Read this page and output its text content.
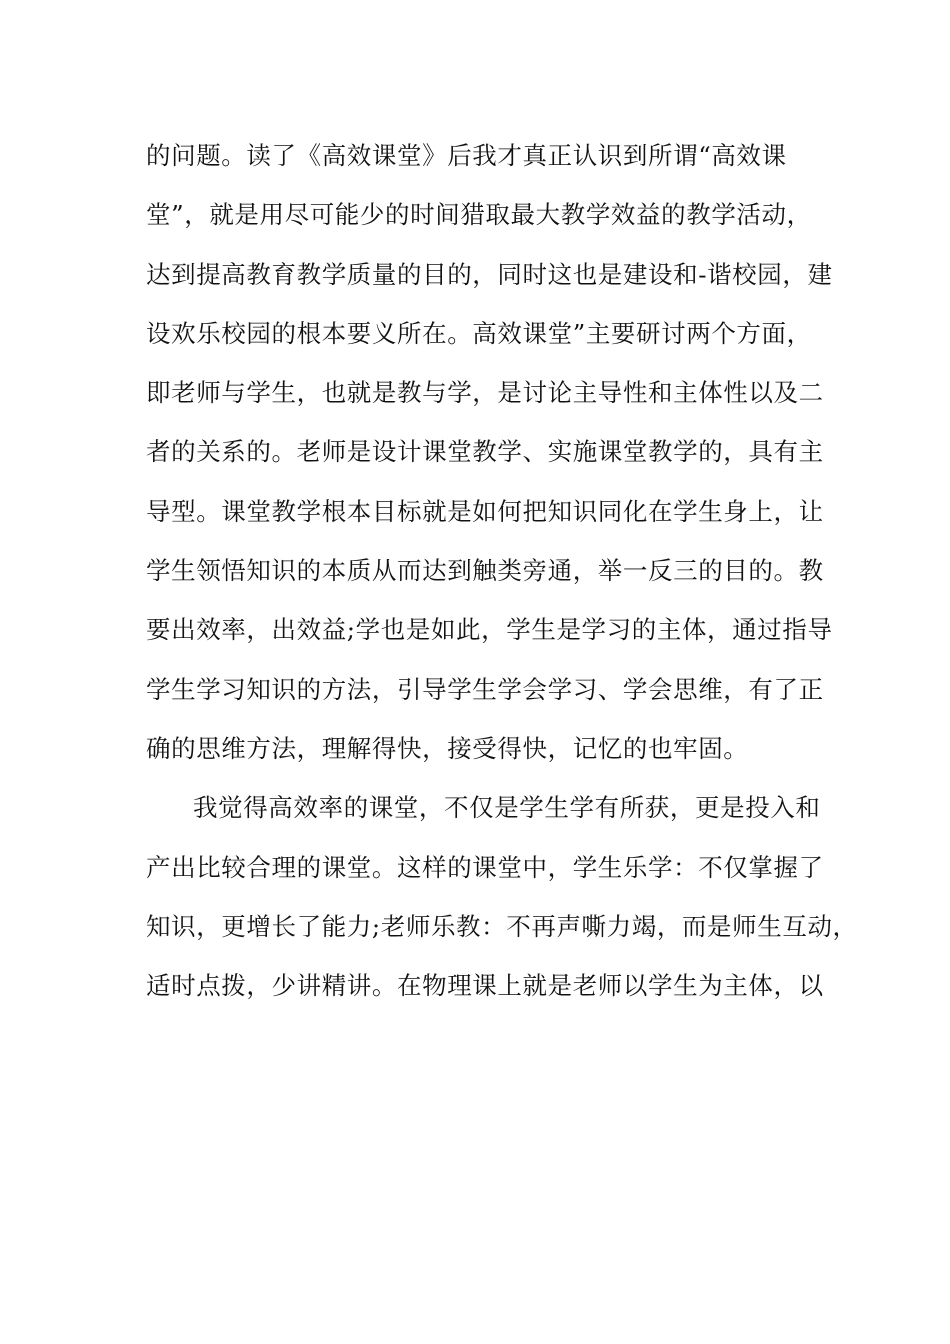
的问题。读了《高效课堂》后我才真正认识到所谓“高效课
堂”，就是用尽可能少的时间猎取最大教学效益的教学活动，
达到提高教育教学质量的目的，同时这也是建设和-谐校园，建
设欢乐校园的根本要义所在。高效课堂”主要研讨两个方面，
即老师与学生，也就是教与学，是讨论主导性和主体性以及二
者的关系的。老师是设计课堂教学、实施课堂教学的，具有主
导型。课堂教学根本目标就是如何把知识同化在学生身上，让
学生领悟知识的本质从而达到触类旁通，举一反三的目的。教
要出效率，出效益;学也是如此，学生是学习的主体，通过指导
学生学习知识的方法，引导学生学会学习、学会思维，有了正
确的思维方法，理解得快，接受得快，记忆的也牢固。
我觉得高效率的课堂，不仅是学生学有所获，更是投入和
产出比较合理的课堂。这样的课堂中，学生乐学：不仅掌握了
知识，更增长了能力;老师乐教：不再声嘶力竭，而是师生互动，
适时点拨，少讲精讲。在物理课上就是老师以学生为主体，以
